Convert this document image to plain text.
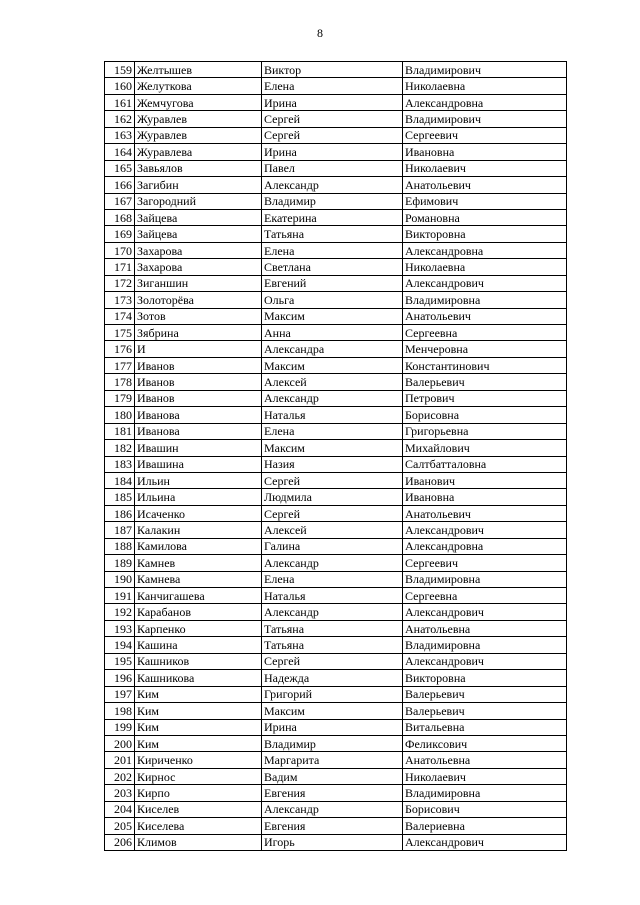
8
159	Желтышев	Виктор	Владимирович
160	Желуткова	Елена	Николаевна
161	Жемчугова	Ирина	Александровна
162	Журавлев	Сергей	Владимирович
163	Журавлев	Сергей	Сергеевич
164	Журавлева	Ирина	Ивановна
165	Завьялов	Павел	Николаевич
166	Загибин	Александр	Анатольевич
167	Загородний	Владимир	Ефимович
168	Зайцева	Екатерина	Романовна
169	Зайцева	Татьяна	Викторовна
170	Захарова	Елена	Александровна
171	Захарова	Светлана	Николаевна
172	Зиганшин	Евгений	Александрович
173	Золоторёва	Ольга	Владимировна
174	Зотов	Максим	Анатольевич
175	Зябрина	Анна	Сергеевна
176	И	Александра	Менчеровна
177	Иванов	Максим	Константинович
178	Иванов	Алексей	Валерьевич
179	Иванов	Александр	Петрович
180	Иванова	Наталья	Борисовна
181	Иванова	Елена	Григорьевна
182	Ивашин	Максим	Михайлович
183	Ивашина	Назия	Салтбатталовна
184	Ильин	Сергей	Иванович
185	Ильина	Людмила	Ивановна
186	Исаченко	Сергей	Анатольевич
187	Калакин	Алексей	Александрович
188	Камилова	Галина	Александровна
189	Камнев	Александр	Сергеевич
190	Камнева	Елена	Владимировна
191	Канчигашева	Наталья	Сергеевна
192	Карабанов	Александр	Александрович
193	Карпенко	Татьяна	Анатольевна
194	Кашина	Татьяна	Владимировна
195	Кашников	Сергей	Александрович
196	Кашникова	Надежда	Викторовна
197	Ким	Григорий	Валерьевич
198	Ким	Максим	Валерьевич
199	Ким	Ирина	Витальевна
200	Ким	Владимир	Феликсович
201	Кириченко	Маргарита	Анатольевна
202	Кирнос	Вадим	Николаевич
203	Кирпо	Евгения	Владимировна
204	Киселев	Александр	Борисович
205	Киселева	Евгения	Валериевна
206	Климов	Игорь	Александрович
